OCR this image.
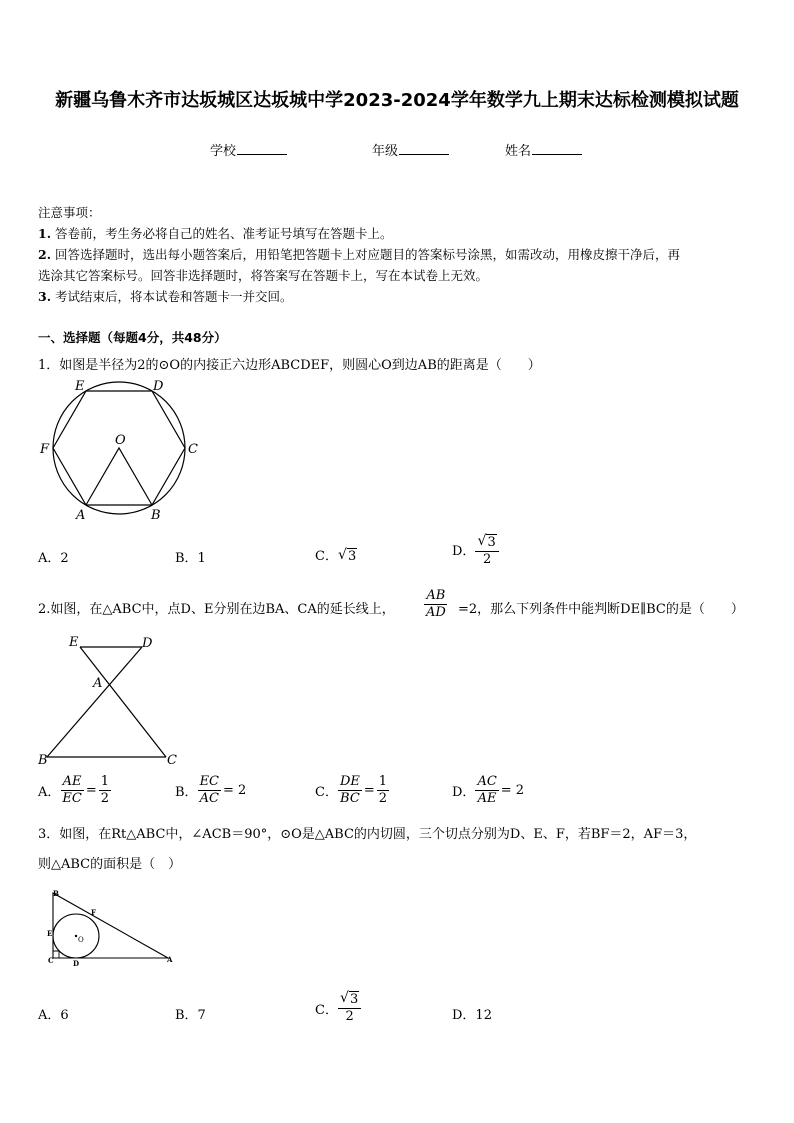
新疆乌鲁木齐市达坂城区达坂城中学2023-2024学年数学九上期末达标检测模拟试题
学校	年级	姓名
注意事项：
1. 答卷前，考生务必将自己的姓名、准考证号填写在答题卡上。
2. 回答选择题时，选出每小题答案后，用铅笔把答题卡上对应题目的答案标号涂黑，如需改动，用橡皮擦干净后，再
选涂其它答案标号。回答非选择题时，将答案写在答题卡上，写在本试卷上无效。
3. 考试结束后，将本试卷和答题卡一并交回。
一、选择题（每题4分，共48分）
1．如图是半径为2的⊙O的内接正六边形ABCDEF，则圆心O到边AB的距离是（　　）
E	D
F	C
O
A	B
A．2	B．1	C． √ 3	D． √ $\frac{3}{2}$
2.如图，在△ABC中，点D、E分别在边BA、CA的延长线上， $\frac{AB}{AD} =2$，那么下列条件中能判断DE∥BC的是（　　）
E	D
A
B	C
A． $\frac{AE}{EC} = \frac{1}{2}$	B． $\frac{EC}{AC} = 2$	C． $\frac{DE}{BC} = \frac{1}{2}$	D． $\frac{AC}{AE} = 2$
3．如图，在Rt△ABC中，∠ACB＝90°，⊙O是△ABC的内切圆，三个切点分别为D、E、F，若BF＝2，AF＝3，
则△ABC的面积是（　）
B
F
E
O
C	D	A
A．6	B．7	C． √ $\frac{3}{2}$	D．12
